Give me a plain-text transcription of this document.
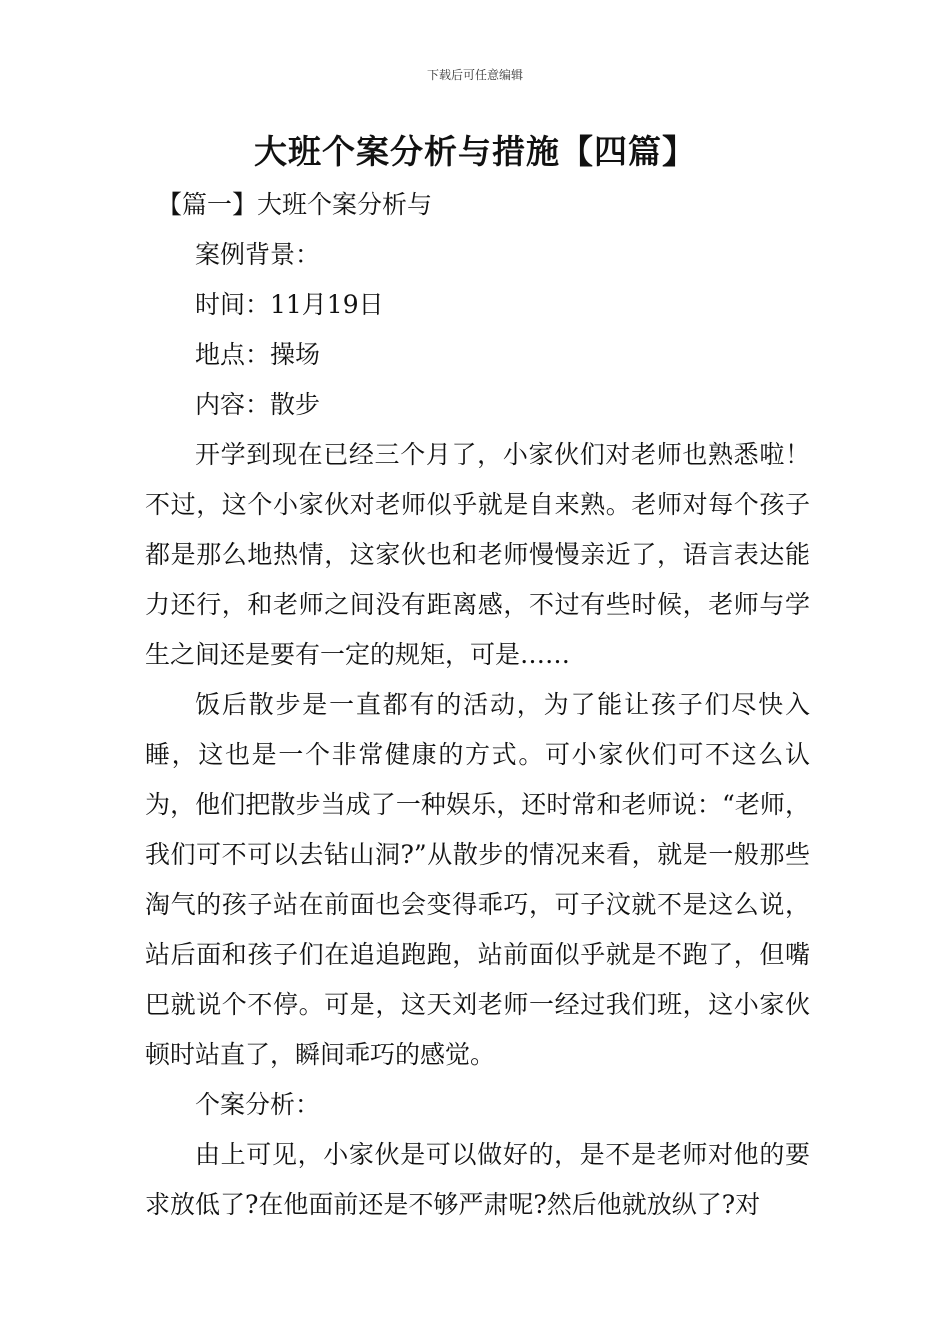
下载后可任意编辑
大班个案分析与措施【四篇】

【篇一】大班个案分析与

案例背景：

时间：11月19日

地点：操场

内容：散步

开学到现在已经三个月了，小家伙们对老师也熟悉啦！不过，这个小家伙对老师似乎就是自来熟。老师对每个孩子都是那么地热情，这家伙也和老师慢慢亲近了，语言表达能力还行，和老师之间没有距离感，不过有些时候，老师与学生之间还是要有一定的规矩，可是……

饭后散步是一直都有的活动，为了能让孩子们尽快入睡，这也是一个非常健康的方式。可小家伙们可不这么认为，他们把散步当成了一种娱乐，还时常和老师说：“老师，我们可不可以去钻山洞?”从散步的情况来看，就是一般那些淘气的孩子站在前面也会变得乖巧，可子汶就不是这么说，站后面和孩子们在追追跑跑，站前面似乎就是不跑了，但嘴巴就说个不停。可是，这天刘老师一经过我们班，这小家伙顿时站直了，瞬间乖巧的感觉。

个案分析：

由上可见，小家伙是可以做好的，是不是老师对他的要求放低了?在他面前还是不够严肃呢?然后他就放纵了?对
